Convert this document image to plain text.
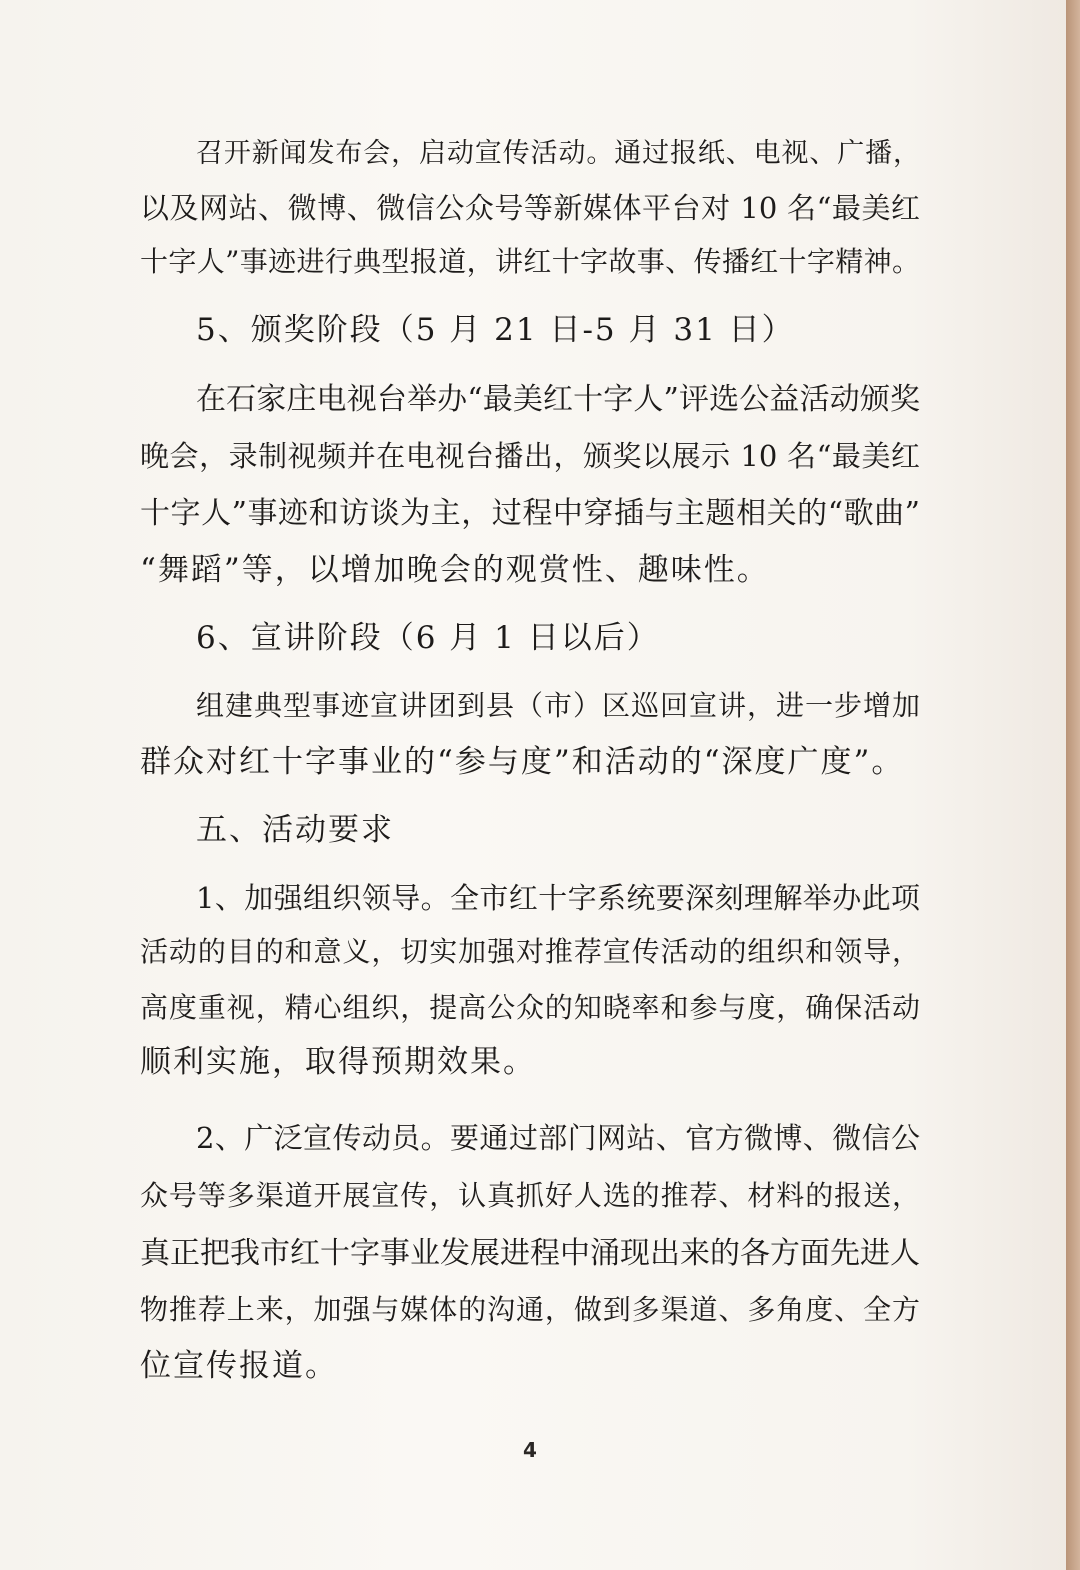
召开新闻发布会，启动宣传活动。通过报纸、电视、广播，
以及网站、微博、微信公众号等新媒体平台对 10 名“最美红
十字人”事迹进行典型报道，讲红十字故事、传播红十字精神。
5、颁奖阶段（5 月 21 日-5 月 31 日）
在石家庄电视台举办“最美红十字人”评选公益活动颁奖
晚会，录制视频并在电视台播出，颁奖以展示 10 名“最美红
十字人”事迹和访谈为主，过程中穿插与主题相关的“歌曲”
“舞蹈”等，以增加晚会的观赏性、趣味性。
6、宣讲阶段（6 月 1 日以后）
组建典型事迹宣讲团到县（市）区巡回宣讲，进一步增加
群众对红十字事业的“参与度”和活动的“深度广度”。
五、活动要求
1、加强组织领导。全市红十字系统要深刻理解举办此项
活动的目的和意义，切实加强对推荐宣传活动的组织和领导，
高度重视，精心组织，提高公众的知晓率和参与度，确保活动
顺利实施，取得预期效果。
2、广泛宣传动员。要通过部门网站、官方微博、微信公
众号等多渠道开展宣传，认真抓好人选的推荐、材料的报送，
真正把我市红十字事业发展进程中涌现出来的各方面先进人
物推荐上来，加强与媒体的沟通，做到多渠道、多角度、全方
位宣传报道。
4
